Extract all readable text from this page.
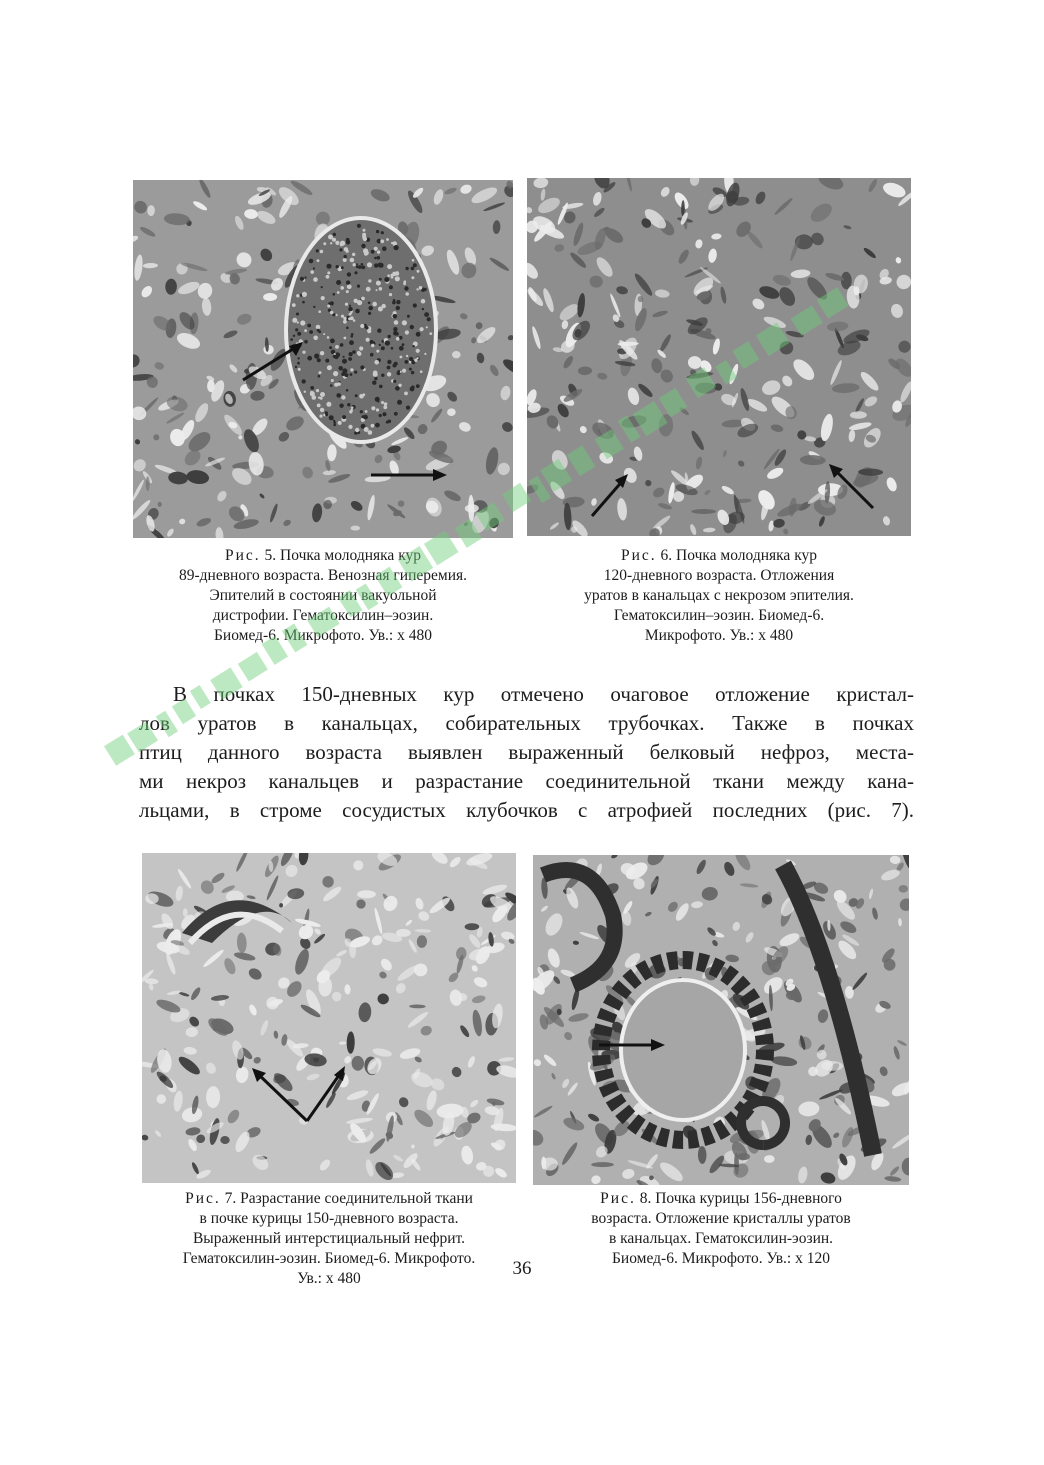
Рис. 5. Почка молодняка кур
89-дневного возраста. Венозная гиперемия.
Эпителий в состоянии вакуольной
дистрофии. Гематоксилин–эозин.
Биомед-6. Микрофото. Ув.: х 480
Рис. 6. Почка молодняка кур
120-дневного возраста. Отложения
уратов в канальцах с некрозом эпителия.
Гематоксилин–эозин. Биомед-6.
Микрофото. Ув.: х 480
В почках 150-дневных кур отмечено очаговое отложение кристал-
лов уратов в канальцах, собирательных трубочках. Также в почках
птиц данного возраста выявлен выраженный белковый нефроз, места-
ми некроз канальцев и разрастание соединительной ткани между кана-
льцами, в строме сосудистых клубочков с атрофией последних (рис. 7).
Рис. 7. Разрастание соединительной ткани
в почке курицы 150-дневного возраста.
Выраженный интерстициальный нефрит.
Гематоксилин-эозин. Биомед-6. Микрофото.
Ув.: х 480
Рис. 8. Почка курицы 156-дневного
возраста. Отложение кристаллы уратов
в канальцах. Гематоксилин-эозин.
Биомед-6. Микрофото. Ув.: х 120
36
